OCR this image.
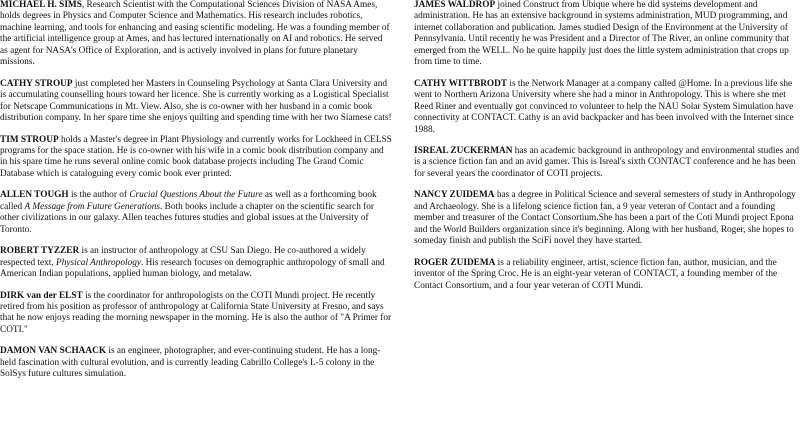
MICHAEL H. SIMS, Research Scientist with the Computational Sciences Division of NASA Ames, holds degrees in Physics and Computer Science and Mathematics. His research includes robotics, machine learning, and tools for enhancing and easing scientific modeling. He was a founding member of the artificial intelligence group at Ames, and has lectured internationally on AI and robotics. He served as agent for NASA's Office of Exploration, and is actively involved in plans for future planetary missions.

CATHY STROUP just completed her Masters in Counseling Psychology at Santa Clara University and is accumulating counselling hours toward her licence. She is currently working as a Logistical Specialist for Netscape Communications in Mt. View. Also, she is co-owner with her husband in a comic book distribution company. In her spare time she enjoys quilting and spending time with her two Siamese cats!

TIM STROUP holds a Master's degree in Plant Physiology and currently works for Lockheed in CELSS programs for the space station. He is co-owner with his wife in a comic book distribution company and in his spare time he runs several online comic book database projects including The Grand Comic Database which is cataloguing every comic book ever printed.

ALLEN TOUGH is the author of Crucial Questions About the Future as well as a forthcoming book called A Message from Future Generations. Both books include a chapter on the scientific search for other civilizations in our galaxy. Allen teaches futures studies and global issues at the University of Toronto.

ROBERT TYZZER is an instructor of anthropology at CSU San Diego. He co-authored a widely respected text, Physical Anthropology. His research focuses on demographic anthropology of small and American Indian populations, applied human biology, and metalaw.

DIRK van der ELST is the coordinator for anthropologists on the COTI Mundi project. He recently retired from his position as professor of anthropology at California State University at Fresno, and says that he now enjoys reading the morning newspaper in the morning. He is also the author of "A Primer for COTI."

DAMON VAN SCHAACK is an engineer, photographer, and ever-continuing student. He has a long-held fascination with cultural evolution, and is currently leading Cabrillo College's L-5 colony in the SolSys future cultures simulation.

JAMES WALDROP joined Construct from Ubique where he did systems development and administration. He has an extensive background in systems administration, MUD programming, and internet collaboration and publication. James studied Design of the Environment at the University of Pennsylvania. Until recently he was President and a Director of The River, an online community that emerged from the WELL. No he quite happily just does the little system administration that crops up from time to time.

CATHY WITTBRODT is the Network Manager at a company called @Home. In a previous life she went to Northern Arizona University where she had a minor in Anthropology. This is where she met Reed Riner and eventually got convinced to volunteer to help the NAU Solar System Simulation have connectivity at CONTACT. Cathy is an avid backpacker and has been involved with the Internet since 1988.

ISREAL ZUCKERMAN has an academic background in anthropology and environmental studies and is a science fiction fan and an avid gamer. This is Isreal's sixth CONTACT conference and he has been for several years the coordinator of COTI projects.

NANCY ZUIDEMA has a degree in Political Science and several semesters of study in Anthropology and Archaeology. She is a lifelong science fiction fan, a 9 year veteran of Contact and a founding member and treasurer of the Contact Consortium.She has been a part of the Coti Mundi project Epona and the World Builders organization since it's beginning. Along with her husband, Roger, she hopes to someday finish and publish the SciFi novel they have started.

ROGER ZUIDEMA is a reliability engineer, artist, science fiction fan, author, musician, and the inventor of the Spring Croc. He is an eight-year veteran of CONTACT, a founding member of the Contact Consortium, and a four year veteran of COTI Mundi.
